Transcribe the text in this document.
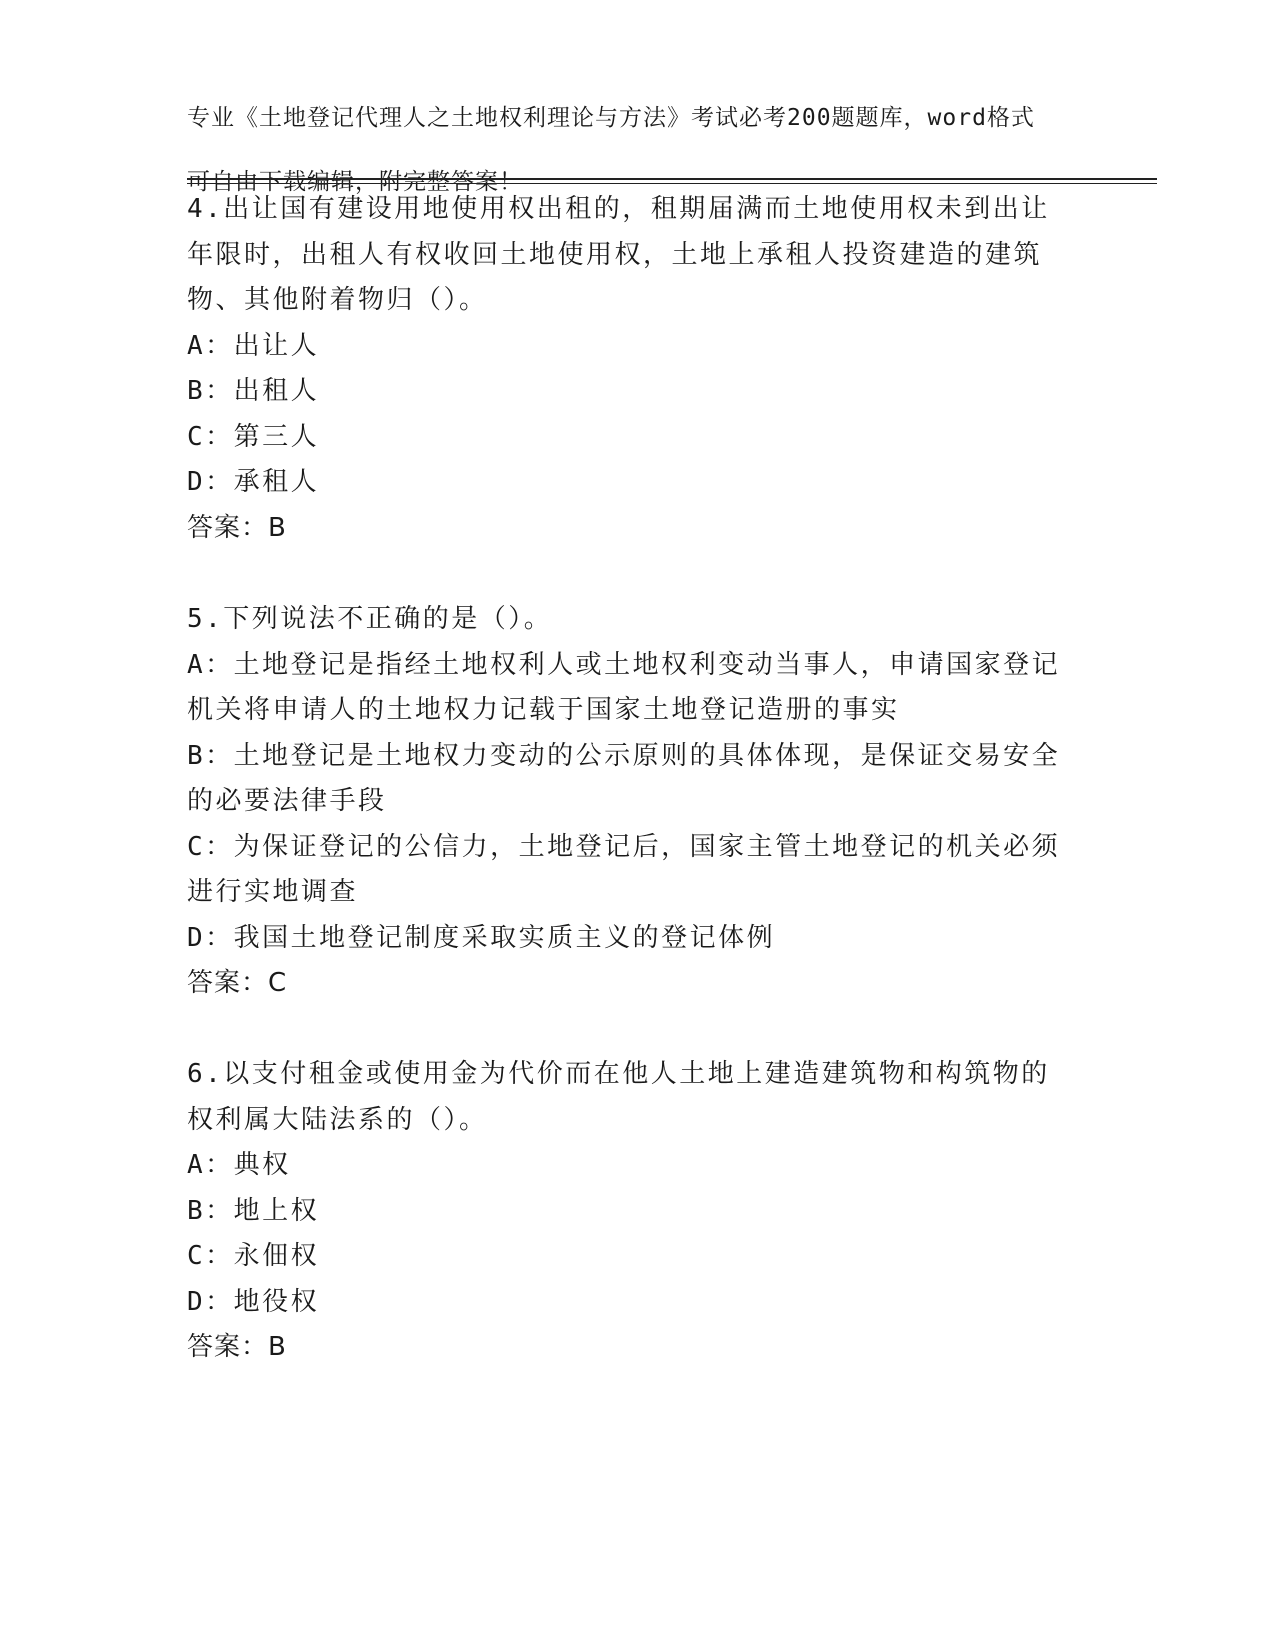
专业《土地登记代理人之土地权利理论与方法》考试必考200题题库，word格式

可自由下载编辑，附完整答案！

4.出让国有建设用地使用权出租的，租期届满而土地使用权未到出让年限时，出租人有权收回土地使用权，土地上承租人投资建造的建筑物、其他附着物归（）。
A：出让人
B：出租人
C：第三人
D：承租人
答案：B
5.下列说法不正确的是（）。
A：土地登记是指经土地权利人或土地权利变动当事人，申请国家登记机关将申请人的土地权力记载于国家土地登记造册的事实
B：土地登记是土地权力变动的公示原则的具体体现，是保证交易安全的必要法律手段
C：为保证登记的公信力，土地登记后，国家主管土地登记的机关必须进行实地调查
D：我国土地登记制度采取实质主义的登记体例
答案：C
6.以支付租金或使用金为代价而在他人土地上建造建筑物和构筑物的权利属大陆法系的（）。
A：典权
B：地上权
C：永佃权
D：地役权
答案：B
